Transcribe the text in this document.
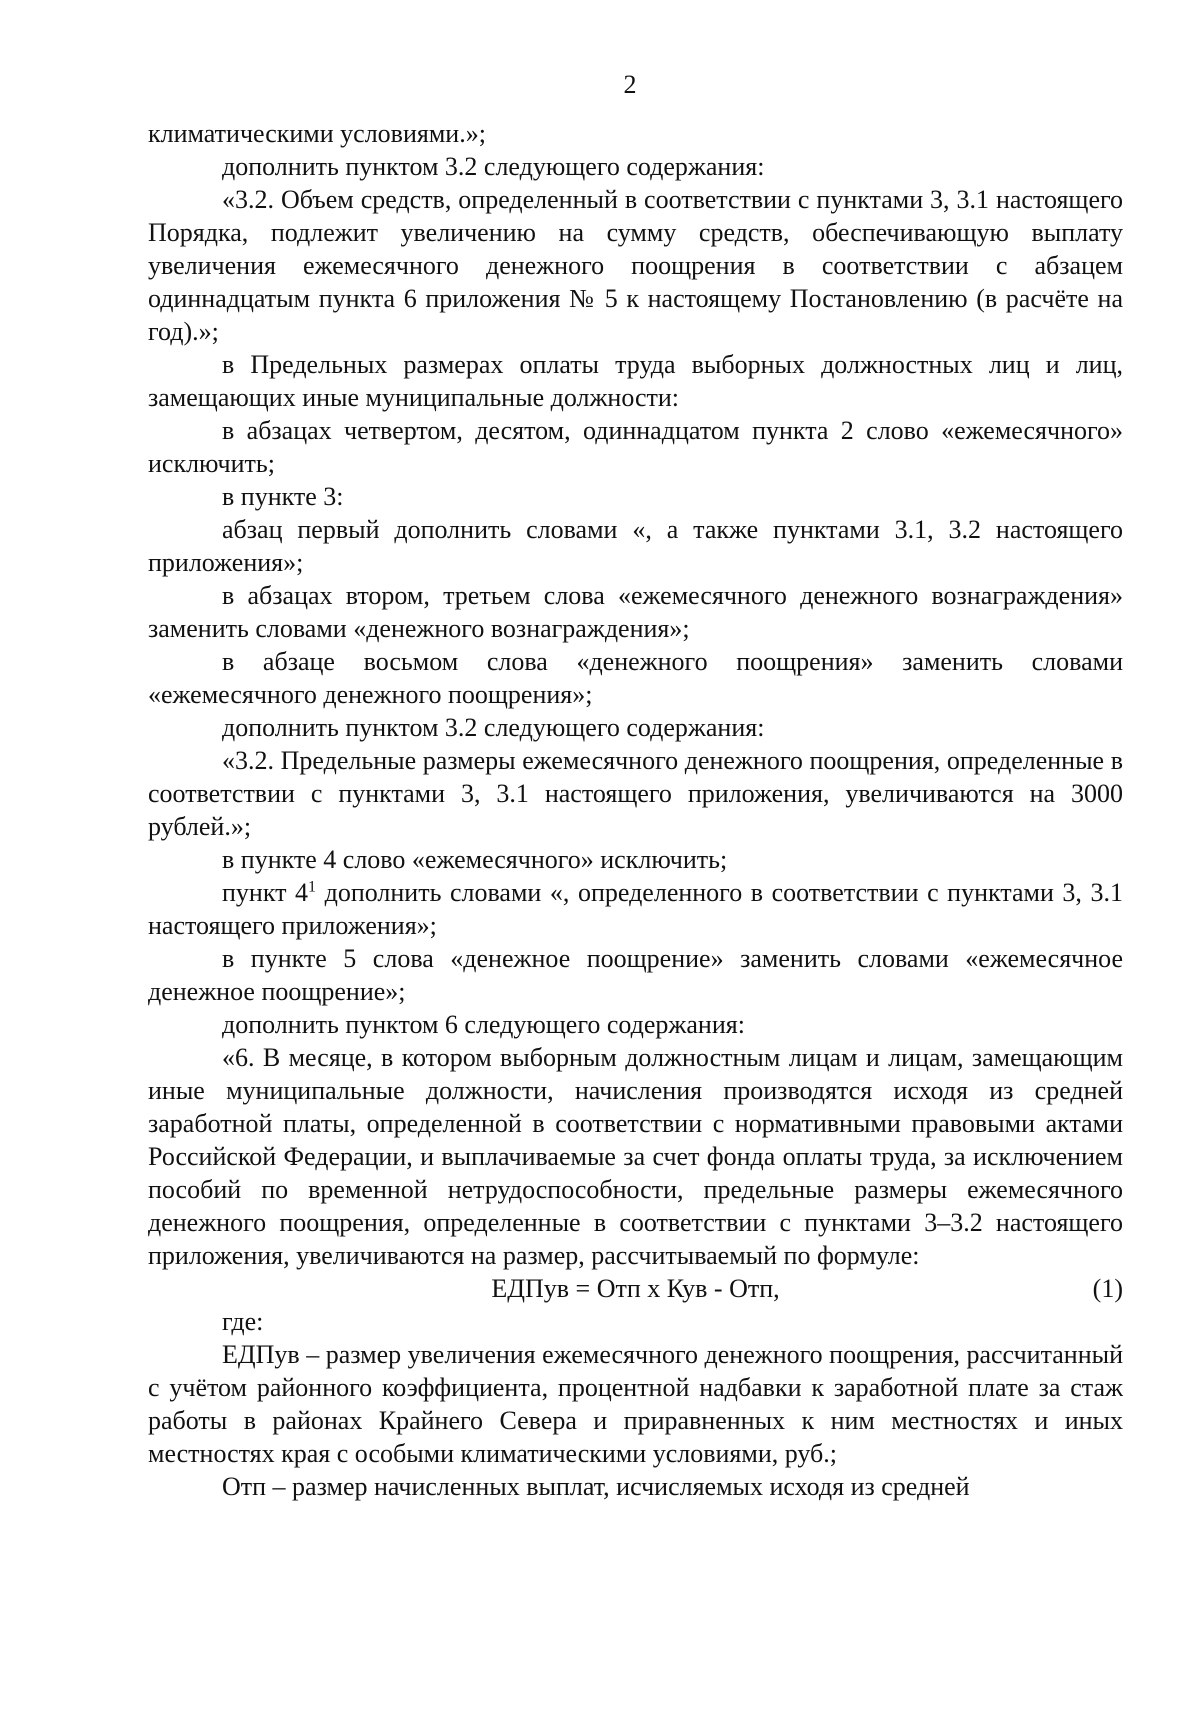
2

климатическими условиями.»;

дополнить пунктом 3.2 следующего содержания:

«3.2. Объем средств, определенный в соответствии с пунктами 3, 3.1 настоящего Порядка, подлежит увеличению на сумму средств, обеспечивающую выплату увеличения ежемесячного денежного поощрения в соответствии с абзацем одиннадцатым пункта 6 приложения № 5 к настоящему Постановлению (в расчёте на год).»;

в Предельных размерах оплаты труда выборных должностных лиц и лиц, замещающих иные муниципальные должности:

в абзацах четвертом, десятом, одиннадцатом пункта 2 слово «ежемесячного» исключить;

в пункте 3:

абзац первый дополнить словами «, а также пунктами 3.1, 3.2 настоящего приложения»;

в абзацах втором, третьем слова «ежемесячного денежного вознаграждения» заменить словами «денежного вознаграждения»;

в абзаце восьмом слова «денежного поощрения» заменить словами «ежемесячного денежного поощрения»;

дополнить пунктом 3.2 следующего содержания:

«3.2. Предельные размеры ежемесячного денежного поощрения, определенные в соответствии с пунктами 3, 3.1 настоящего приложения, увеличиваются на 3000 рублей.»;

в пункте 4 слово «ежемесячного» исключить;

пункт $4^1$ дополнить словами «, определенного в соответствии с пунктами 3, 3.1 настоящего приложения»;

в пункте 5 слова «денежное поощрение» заменить словами «ежемесячное денежное поощрение»;

дополнить пунктом 6 следующего содержания:

«6. В месяце, в котором выборным должностным лицам и лицам, замещающим иные муниципальные должности, начисления производятся исходя из средней заработной платы, определенной в соответствии с нормативными правовыми актами Российской Федерации, и выплачиваемые за счет фонда оплаты труда, за исключением пособий по временной нетрудоспособности, предельные размеры ежемесячного денежного поощрения, определенные в соответствии с пунктами 3–3.2 настоящего приложения, увеличиваются на размер, рассчитываемый по формуле:

ЕДПув = Отп х Кув - Отп,	(1)

где:

ЕДПув – размер увеличения ежемесячного денежного поощрения, рассчитанный с учётом районного коэффициента, процентной надбавки к заработной плате за стаж работы в районах Крайнего Севера и приравненных к ним местностях и иных местностях края с особыми климатическими условиями, руб.;

Отп – размер начисленных выплат, исчисляемых исходя из средней
